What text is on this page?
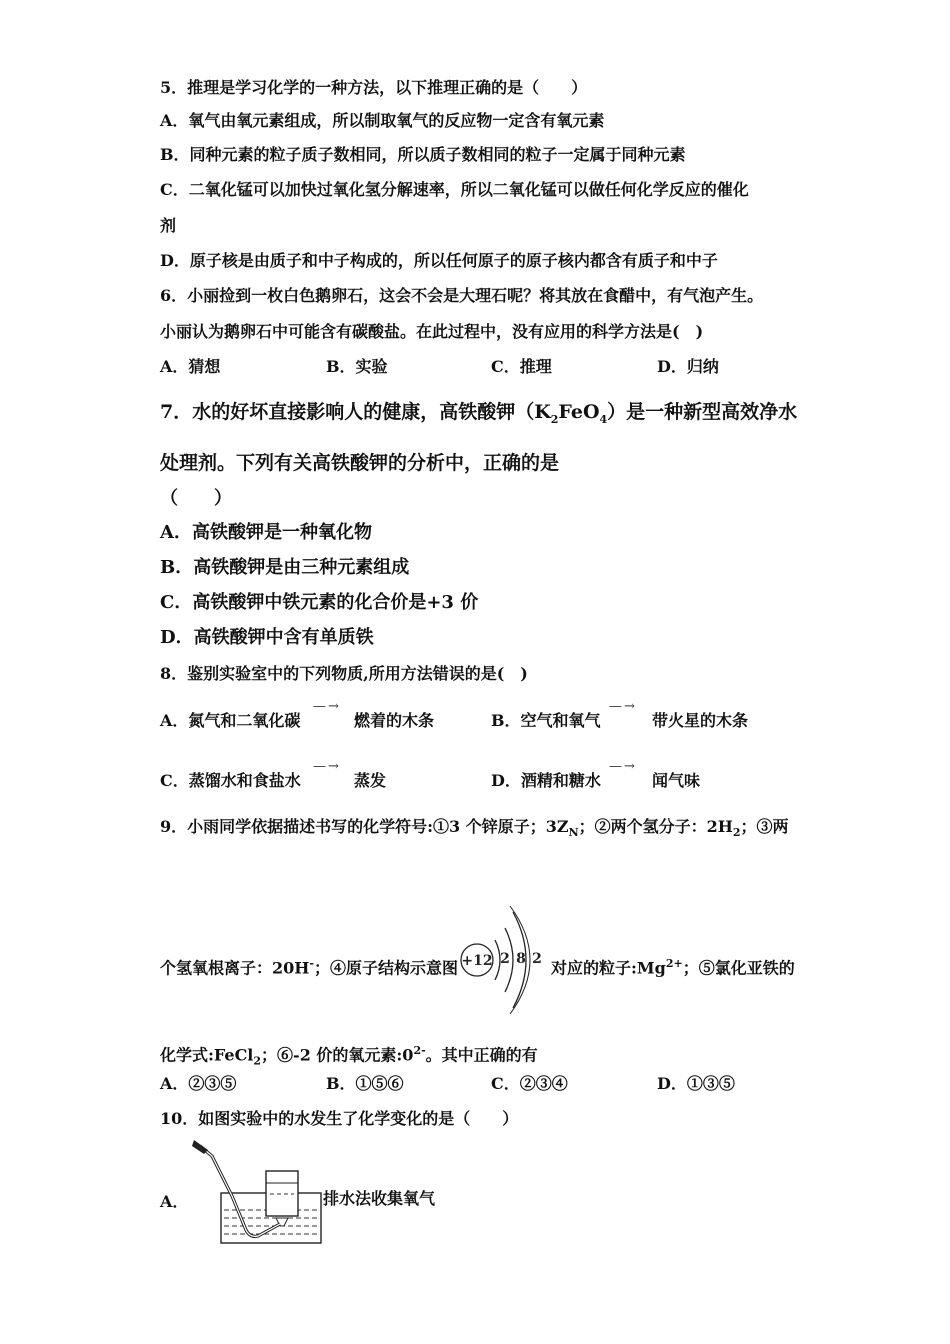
5．推理是学习化学的一种方法，以下推理正确的是（　　）
A．氧气由氧元素组成，所以制取氧气的反应物一定含有氧元素
B．同种元素的粒子质子数相同，所以质子数相同的粒子一定属于同种元素
C．二氧化锰可以加快过氧化氢分解速率，所以二氧化锰可以做任何化学反应的催化
剂
D．原子核是由质子和中子构成的，所以任何原子的原子核内都含有质子和中子
6．小丽捡到一枚白色鹅卵石，这会不会是大理石呢？将其放在食醋中，有气泡产生。
小丽认为鹅卵石中可能含有碳酸盐。在此过程中，没有应用的科学方法是(　)
A．猜想	B．实验	C．推理	D．归纳
7．水的好坏直接影响人的健康，高铁酸钾$(K_2FeO_4)$是一种新型高效净水
处理剂。下列有关高铁酸钾的分析中，正确的是
（　　）
A．高铁酸钾是一种氧化物
B．高铁酸钾是由三种元素组成
C．高铁酸钾中铁元素的化合价是+3 价
D．高铁酸钾中含有单质铁
8．鉴别实验室中的下列物质,所用方法错误的是(　)
A．氮气和二氧化碳
—→
燃着的木条	B．空气和氧气
—→
带火星的木条
C．蒸馏水和食盐水
—→
蒸发	D．酒精和糖水
—→
闻气味
9．小雨同学依据描述书写的化学符号:①3 个锌原子；$3Z_N$；②两个氢分子：$2H_2$；③两
个氢氧根离子：20H-；④原子结构示意图 +12 2 8 2 对应的粒子$:Mg^{2+}$；⑤氯化亚铁的
化学式:FeCl$_2$；⑥-2 价的氧元素$:0^{2-}$。其中正确的有
A．②③⑤	B．①⑤⑥	C．②③④	D．①③⑤
10．如图实验中的水发生了化学变化的是（　　）
A．	排水法收集氧气
